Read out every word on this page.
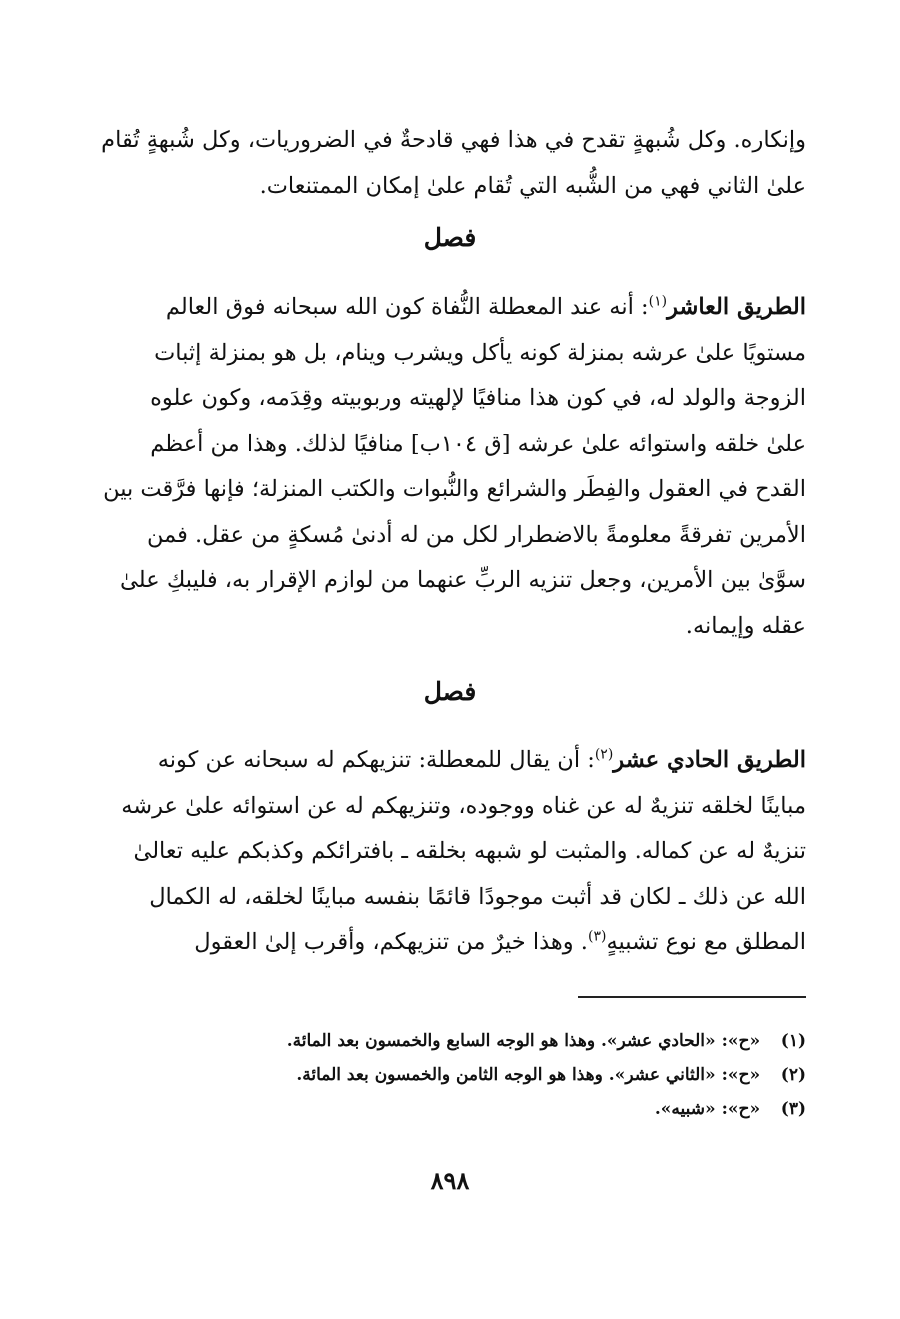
وإنكاره. وكل شُبهةٍ تقدح في هذا فهي قادحةٌ في الضروريات، وكل شُبهةٍ تُقام

علىٰ الثاني فهي من الشُّبه التي تُقام علىٰ إمكان الممتنعات.

فصل

الطريق العاشر$^{(١)}$: أنه عند المعطلة النُّفاة كون الله سبحانه فوق العالم

مستويًا علىٰ عرشه بمنزلة كونه يأكل ويشرب وينام، بل هو بمنزلة إثبات

الزوجة والولد له، في كون هذا منافيًا لإلهيته وربوبيته وقِدَمه، وكون علوه

علىٰ خلقه واستوائه علىٰ عرشه [ق ١٠٤ب] منافيًا لذلك. وهذا من أعظم

القدح في العقول والفِطَر والشرائع والنُّبوات والكتب المنزلة؛ فإنها فرَّقت بين

الأمرين تفرقةً معلومةً بالاضطرار لكل من له أدنىٰ مُسكةٍ من عقل. فمن

سوَّىٰ بين الأمرين، وجعل تنزيه الربِّ عنهما من لوازم الإقرار به، فليبكِ علىٰ

عقله وإيمانه.

فصل

الطريق الحادي عشر$^{(٢)}$: أن يقال للمعطلة: تنزيهكم له سبحانه عن كونه

مباينًا لخلقه تنزيهٌ له عن غناه ووجوده، وتنزيهكم له عن استوائه علىٰ عرشه

تنزيهٌ له عن كماله. والمثبت لو شبهه بخلقه ـ بافترائكم وكذبكم عليه تعالىٰ

الله عن ذلك ـ لكان قد أثبت موجودًا قائمًا بنفسه مباينًا لخلقه، له الكمال

المطلق مع نوع تشبيهٍ$^{(٣)}$. وهذا خيرٌ من تنزيهكم، وأقرب إلىٰ العقول

(١) «ح»: «الحادي عشر». وهذا هو الوجه السابع والخمسون بعد المائة.

(٢) «ح»: «الثاني عشر». وهذا هو الوجه الثامن والخمسون بعد المائة.

(٣) «ح»: «شبيه».

٨٩٨
